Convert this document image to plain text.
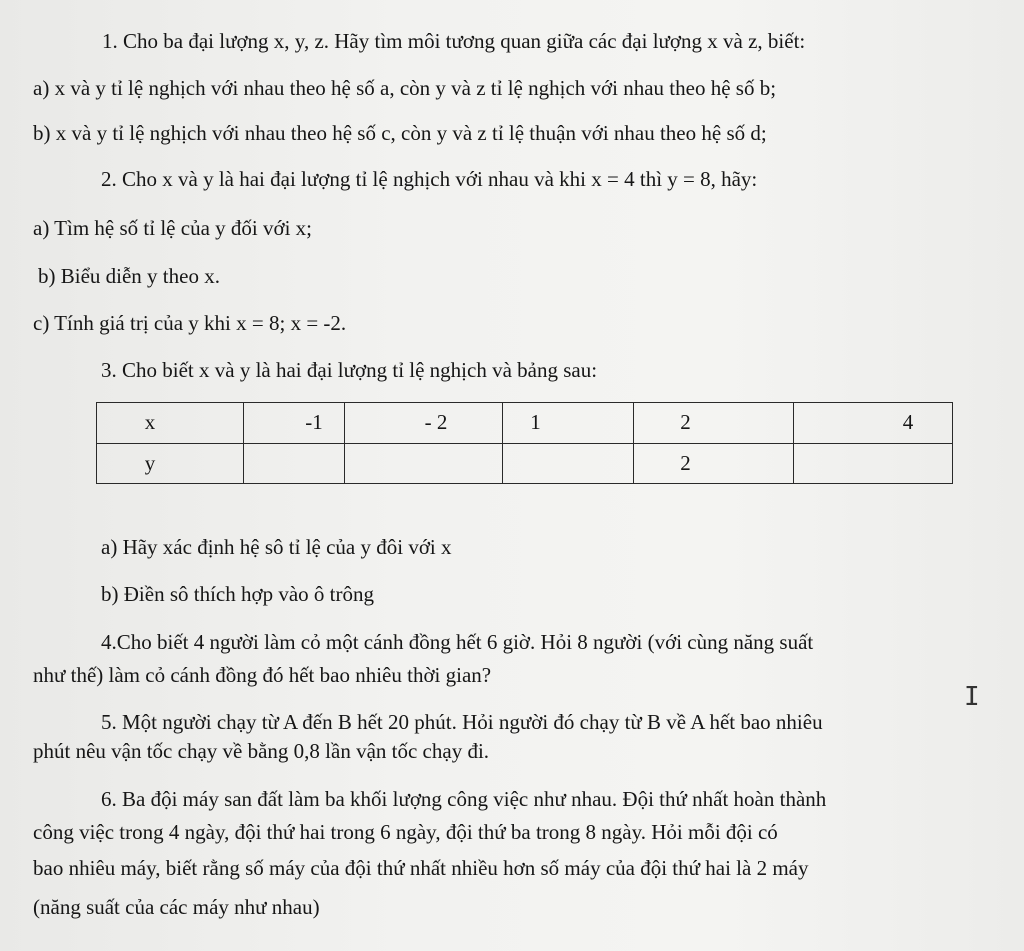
1. Cho ba đại lượng x, y, z. Hãy tìm môi tương quan giữa các đại lượng x và z, biết:
a) x và y tỉ lệ nghịch với nhau theo hệ số a, còn y và z tỉ lệ nghịch với nhau theo hệ số b;
b) x và y tỉ lệ nghịch với nhau theo hệ số c, còn y và z tỉ lệ thuận với nhau theo hệ số d;
2. Cho x và y là hai đại lượng tỉ lệ nghịch với nhau và khi x = 4 thì y = 8, hãy:
a) Tìm hệ số tỉ lệ của y đối với x;
b) Biểu diễn y theo x.
c) Tính giá trị của y khi x = 8; x = -2.
3. Cho biết x và y là hai đại lượng tỉ lệ nghịch và bảng sau:
x	-1	- 2	1	2	4
y				2	
a) Hãy xác định hệ sô tỉ lệ của y đôi với x
b) Điền sô thích hợp vào ô trông
4.Cho biết 4 người làm cỏ một cánh đồng hết 6 giờ. Hỏi 8 người (với cùng năng suất
như thế) làm cỏ cánh đồng đó hết bao nhiêu thời gian?
I
5. Một người chạy từ A đến B hết 20 phút. Hỏi người đó chạy từ B về A hết bao nhiêu
phút nêu vận tốc chạy về bằng 0,8 lần vận tốc chạy đi.
6. Ba đội máy san đất làm ba khối lượng công việc như nhau. Đội thứ nhất hoàn thành
công việc trong 4 ngày, đội thứ hai trong 6 ngày, đội thứ ba trong 8 ngày. Hỏi mỗi đội có
bao nhiêu máy, biết rằng số máy của đội thứ nhất nhiều hơn số máy của đội thứ hai là 2 máy
(năng suất của các máy như nhau)
